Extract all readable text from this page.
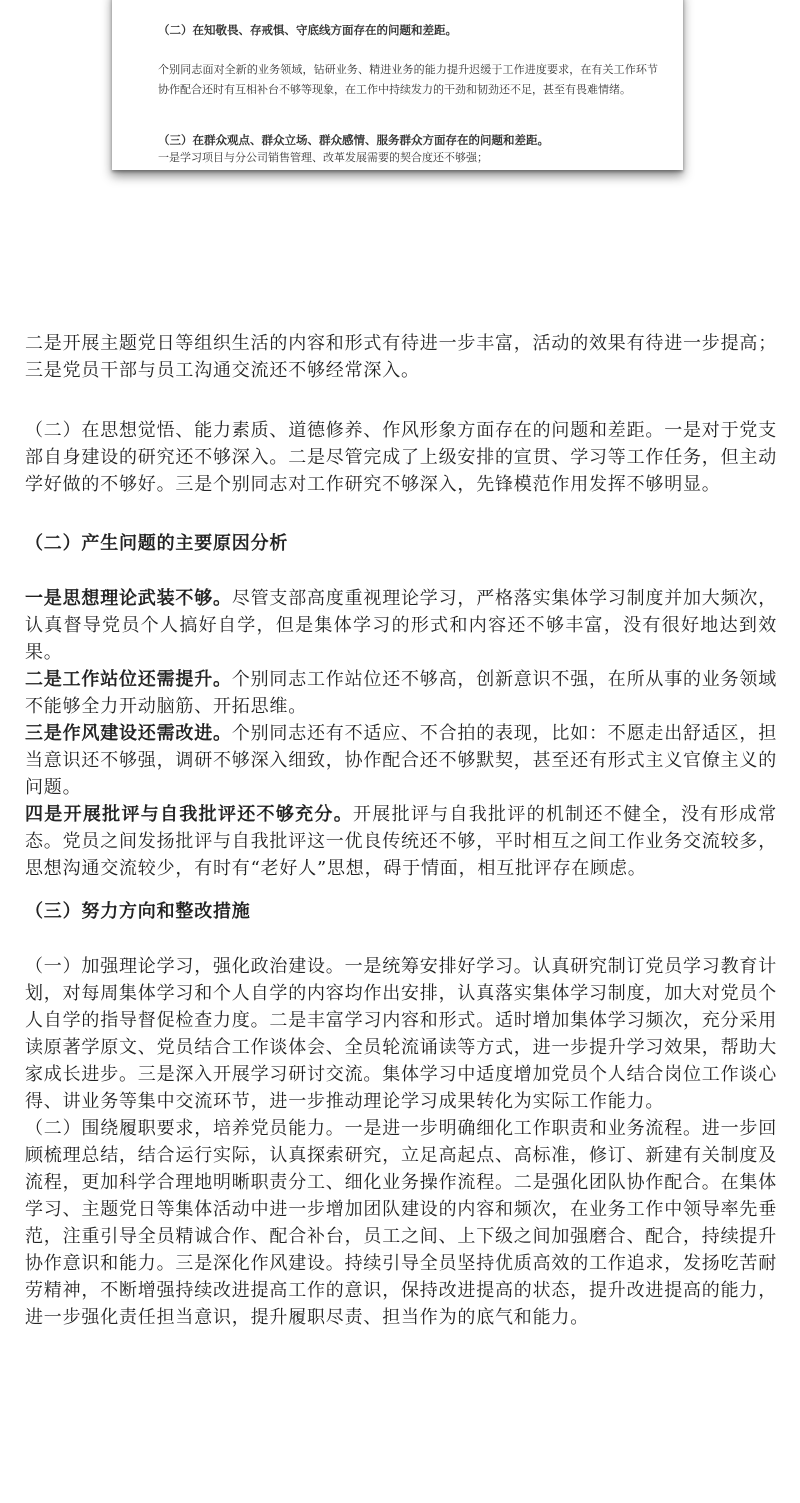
（二）在知敬畏、存戒惧、守底线方面存在的问题和差距。
个别同志面对全新的业务领域，钻研业务、精进业务的能力提升迟缓于工作进度要求，在有关工作环节协作配合还时有互相补台不够等现象，在工作中持续发力的干劲和韧劲还不足，甚至有畏难情绪。
（三）在群众观点、群众立场、群众感情、服务群众方面存在的问题和差距。
一是学习项目与分公司销售管理、改革发展需要的契合度还不够强；

二是开展主题党日等组织生活的内容和形式有待进一步丰富，活动的效果有待进一步提高；三是党员干部与员工沟通交流还不够经常深入。

（二）在思想觉悟、能力素质、道德修养、作风形象方面存在的问题和差距。一是对于党支部自身建设的研究还不够深入。二是尽管完成了上级安排的宣贯、学习等工作任务，但主动学好做的不够好。三是个别同志对工作研究不够深入，先锋模范作用发挥不够明显。

（二）产生问题的主要原因分析

一是思想理论武装不够。尽管支部高度重视理论学习，严格落实集体学习制度并加大频次，认真督导党员个人搞好自学，但是集体学习的形式和内容还不够丰富，没有很好地达到效果。

二是工作站位还需提升。个别同志工作站位还不够高，创新意识不强，在所从事的业务领域不能够全力开动脑筋、开拓思维。

三是作风建设还需改进。个别同志还有不适应、不合拍的表现，比如：不愿走出舒适区，担当意识还不够强，调研不够深入细致，协作配合还不够默契，甚至还有形式主义官僚主义的问题。

四是开展批评与自我批评还不够充分。开展批评与自我批评的机制还不健全，没有形成常态。党员之间发扬批评与自我批评这一优良传统还不够，平时相互之间工作业务交流较多，思想沟通交流较少，有时有“老好人”思想，碍于情面，相互批评存在顾虑。

（三）努力方向和整改措施

（一）加强理论学习，强化政治建设。一是统筹安排好学习。认真研究制订党员学习教育计划，对每周集体学习和个人自学的内容均作出安排，认真落实集体学习制度，加大对党员个人自学的指导督促检查力度。二是丰富学习内容和形式。适时增加集体学习频次，充分采用读原著学原文、党员结合工作谈体会、全员轮流诵读等方式，进一步提升学习效果，帮助大家成长进步。三是深入开展学习研讨交流。集体学习中适度增加党员个人结合岗位工作谈心得、讲业务等集中交流环节，进一步推动理论学习成果转化为实际工作能力。

（二）围绕履职要求，培养党员能力。一是进一步明确细化工作职责和业务流程。进一步回顾梳理总结，结合运行实际，认真探索研究，立足高起点、高标准，修订、新建有关制度及流程，更加科学合理地明晰职责分工、细化业务操作流程。二是强化团队协作配合。在集体学习、主题党日等集体活动中进一步增加团队建设的内容和频次，在业务工作中领导率先垂范，注重引导全员精诚合作、配合补台，员工之间、上下级之间加强磨合、配合，持续提升协作意识和能力。三是深化作风建设。持续引导全员坚持优质高效的工作追求，发扬吃苦耐劳精神，不断增强持续改进提高工作的意识，保持改进提高的状态，提升改进提高的能力，进一步强化责任担当意识，提升履职尽责、担当作为的底气和能力。
